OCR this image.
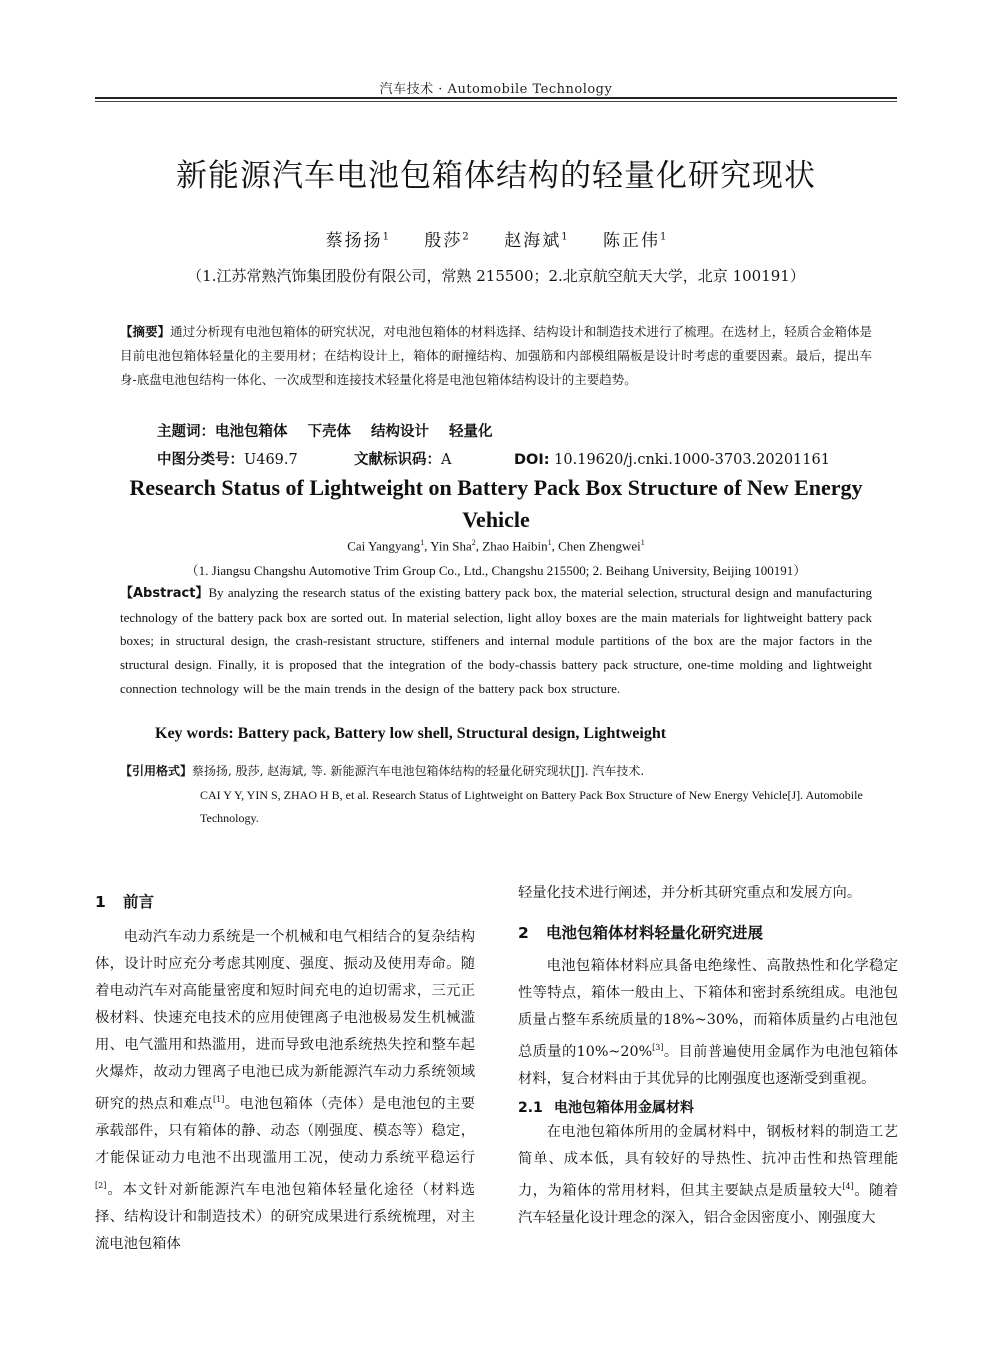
汽车技术 · Automobile Technology
新能源汽车电池包箱体结构的轻量化研究现状
蔡扬扬$^1$ 殷莎$^2$ 赵海斌$^1$ 陈正伟$^1$
（1.江苏常熟汽饰集团股份有限公司，常熟 215500；2.北京航空航天大学，北京 100191）
【摘要】通过分析现有电池包箱体的研究状况，对电池包箱体的材料选择、结构设计和制造技术进行了梳理。在选材上，轻质合金箱体是目前电池包箱体轻量化的主要用材；在结构设计上，箱体的耐撞结构、加强筋和内部模组隔板是设计时考虑的重要因素。最后，提出车身-底盘电池包结构一体化、一次成型和连接技术轻量化将是电池包箱体结构设计的主要趋势。
主题词：电池包箱体 下壳体 结构设计 轻量化
中图分类号：U469.7	文献标识码：A	DOI: 10.19620/j.cnki.1000-3703.20201161
Research Status of Lightweight on Battery Pack Box Structure of New Energy Vehicle
Cai Yangyang$^1$, Yin Sha$^2$, Zhao Haibin$^1$, Chen Zhengwei$^1$
（1. Jiangsu Changshu Automotive Trim Group Co., Ltd., Changshu 215500; 2. Beihang University, Beijing 100191）
【Abstract】By analyzing the research status of the existing battery pack box, the material selection, structural design and manufacturing technology of the battery pack box are sorted out. In material selection, light alloy boxes are the main materials for lightweight battery pack boxes; in structural design, the crash-resistant structure, stiffeners and internal module partitions of the box are the major factors in the structural design. Finally, it is proposed that the integration of the body-chassis battery pack structure, one-time molding and lightweight connection technology will be the main trends in the design of the battery pack box structure.
Key words: Battery pack, Battery low shell, Structural design, Lightweight
【引用格式】蔡扬扬, 殷莎, 赵海斌, 等. 新能源汽车电池包箱体结构的轻量化研究现状[J]. 汽车技术.
CAI Y Y, YIN S, ZHAO H B, et al. Research Status of Lightweight on Battery Pack Box Structure of New Energy Vehicle[J]. Automobile Technology.
1 前言

电动汽车动力系统是一个机械和电气相结合的复杂结构体，设计时应充分考虑其刚度、强度、振动及使用寿命。随着电动汽车对高能量密度和短时间充电的迫切需求，三元正极材料、快速充电技术的应用使锂离子电池极易发生机械滥用、电气滥用和热滥用，进而导致电池系统热失控和整车起火爆炸，故动力锂离子电池已成为新能源汽车动力系统领域研究的热点和难点[1]。电池包箱体（壳体）是电池包的主要承载部件，只有箱体的静、动态（刚强度、模态等）稳定，才能保证动力电池不出现滥用工况，使动力系统平稳运行[2]。本文针对新能源汽车电池包箱体轻量化途径（材料选择、结构设计和制造技术）的研究成果进行系统梳理，对主流电池包箱体

轻量化技术进行阐述，并分析其研究重点和发展方向。

2 电池包箱体材料轻量化研究进展

电池包箱体材料应具备电绝缘性、高散热性和化学稳定性等特点，箱体一般由上、下箱体和密封系统组成。电池包质量占整车系统质量的18%~30%，而箱体质量约占电池包总质量的10%~20%[3]。目前普遍使用金属作为电池包箱体材料，复合材料由于其优异的比刚强度也逐渐受到重视。

2.1 电池包箱体用金属材料

在电池包箱体所用的金属材料中，钢板材料的制造工艺简单、成本低，具有较好的导热性、抗冲击性和热管理能力，为箱体的常用材料，但其主要缺点是质量较大[4]。随着汽车轻量化设计理念的深入，铝合金因密度小、刚强度大
